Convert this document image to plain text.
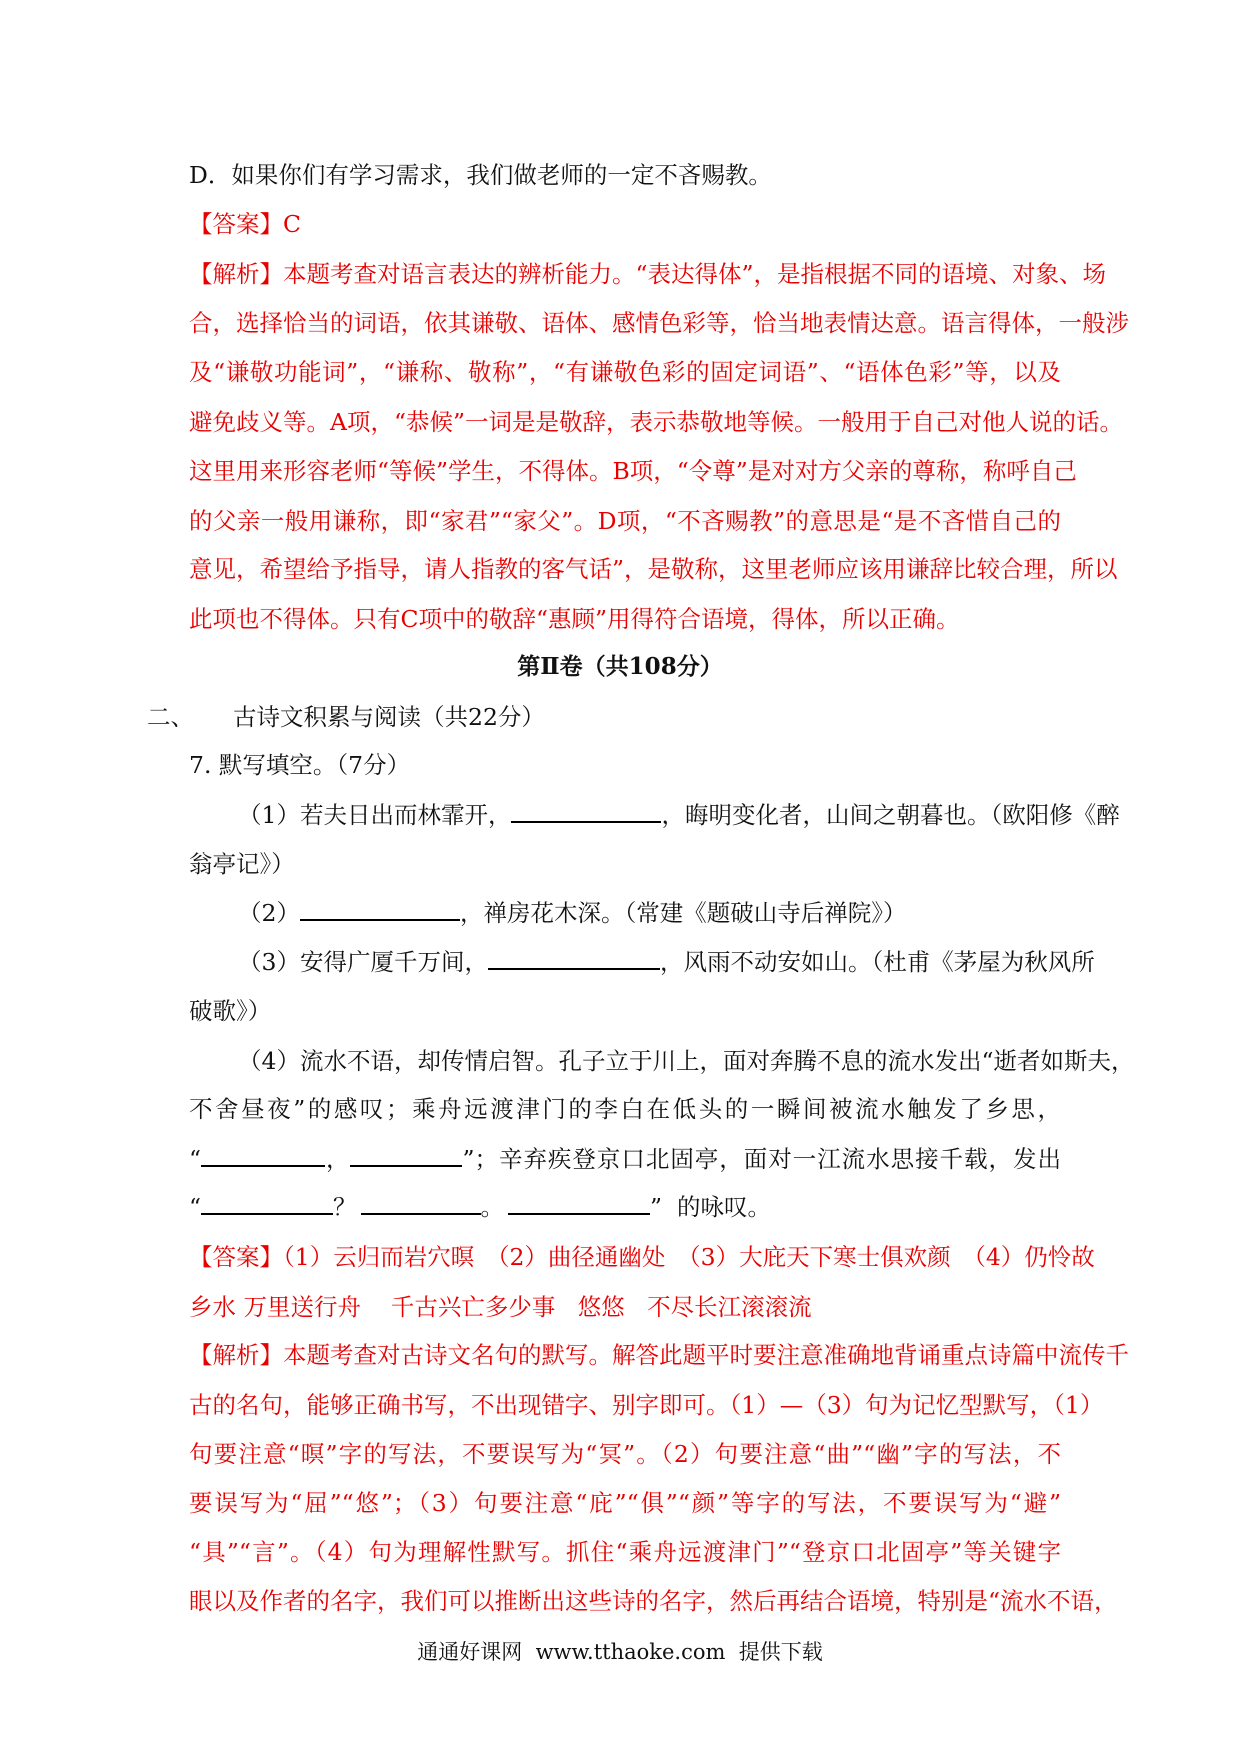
D．如果你们有学习需求，我们做老师的一定不吝赐教。
【答案】C
【解析】本题考查对语言表达的辨析能力。“表达得体”，是指根据不同的语境、对象、场
合，选择恰当的词语，依其谦敬、语体、感情色彩等，恰当地表情达意。语言得体，一般涉
及“谦敬功能词”，“谦称、敬称”，“有谦敬色彩的固定词语”、“语体色彩”等，以及
避免歧义等。A项，“恭候”一词是是敬辞，表示恭敬地等候。一般用于自己对他人说的话。
这里用来形容老师“等候”学生，不得体。B项，“令尊”是对对方父亲的尊称，称呼自己
的父亲一般用谦称，即“家君”“家父”。D项，“不吝赐教”的意思是“是不吝惜自己的
意见，希望给予指导，请人指教的客气话”，是敬称，这里老师应该用谦辞比较合理，所以
此项也不得体。只有C项中的敬辞“惠顾”用得符合语境，得体，所以正确。
第Ⅱ卷（共108分）
二、	古诗文积累与阅读（共22分）
7. 默写填空。（7分）
（1）若夫日出而林霏开，	，晦明变化者，山间之朝暮也。（欧阳修《醉
翁亭记》）
（2）	，禅房花木深。（常建《题破山寺后禅院》）
（3）安得广厦千万间，	，风雨不动安如山。（杜甫《茅屋为秋风所
破歌》）
（4）流水不语，却传情启智。孔子立于川上，面对奔腾不息的流水发出“逝者如斯夫，
不舍昼夜”的感叹；乘舟远渡津门的李白在低头的一瞬间被流水触发了乡思，
“	，	”；辛弃疾登京口北固亭，面对一江流水思接千载，发出
“	？	。	”  的咏叹。
【答案】（1）云归而岩穴暝　（2）曲径通幽处　（3）大庇天下寒士俱欢颜　（4）仍怜故
乡水 万里送行舟    千古兴亡多少事   悠悠   不尽长江滚滚流
【解析】本题考查对古诗文名句的默写。解答此题平时要注意准确地背诵重点诗篇中流传千
古的名句，能够正确书写，不出现错字、别字即可。（1）—（3）句为记忆型默写，（1）
句要注意“暝”字的写法，不要误写为“冥”。（2）句要注意“曲”“幽”字的写法，不
要误写为“屈”“悠”；（3）句要注意“庇”“俱”“颜”等字的写法，不要误写为“避”
“具”“言”。（4）句为理解性默写。抓住“乘舟远渡津门”“登京口北固亭”等关键字
眼以及作者的名字，我们可以推断出这些诗的名字，然后再结合语境，特别是“流水不语，
通通好课网  www.tthaoke.com  提供下载
